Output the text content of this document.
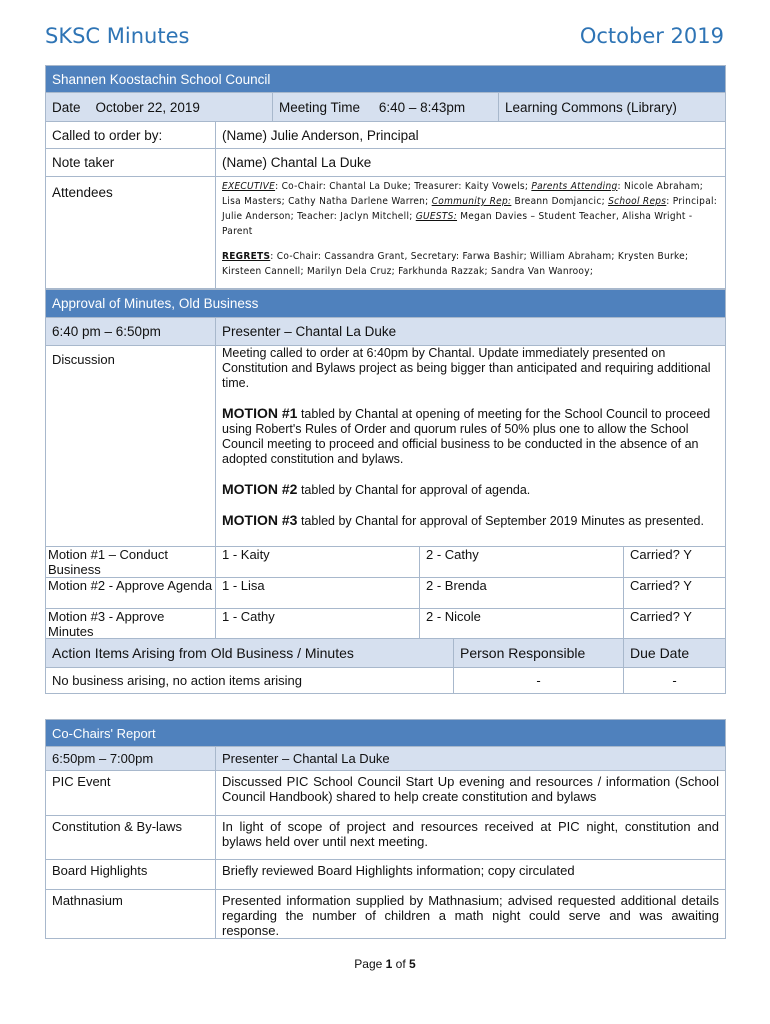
SKSC Minutes	October 2019
Shannen Koostachin School Council			
Date October 22, 2019		Meeting Time 6:40 – 8:43pm	Learning Commons (Library)
Called to order by:	(Name) Julie Anderson, Principal		
Note taker	(Name) Chantal La Duke		
Attendees	EXECUTIVE: Co-Chair: Chantal La Duke; Treasurer: Kaity Vowels; Parents Attending: Nicole Abraham; Lisa Masters; Cathy Natha Darlene Warren; Community Rep: Breann Domjancic; School Reps: Principal: Julie Anderson; Teacher: Jaclyn Mitchell; GUESTS: Megan Davies – Student Teacher, Alisha Wright - Parent

REGRETS: Co-Chair: Cassandra Grant, Secretary: Farwa Bashir; William Abraham; Krysten Burke; Kirsteen Cannell; Marilyn Dela Cruz; Farkhunda Razzak; Sandra Van Wanrooy;		

Approval of Minutes, Old Business			
6:40 pm – 6:50pm	Presenter – Chantal La Duke		
Discussion	Meeting called to order at 6:40pm by Chantal. Update immediately presented on Constitution and Bylaws project as being bigger than anticipated and requiring additional time.

MOTION #1 tabled by Chantal at opening of meeting for the School Council to proceed using Robert's Rules of Order and quorum rules of 50% plus one to allow the School Council meeting to proceed and official business to be conducted in the absence of an adopted constitution and bylaws.

MOTION #2 tabled by Chantal for approval of agenda.

MOTION #3 tabled by Chantal for approval of September 2019 Minutes as presented.		

Motion #1 – Conduct Business	1 - Kaity	2 - Cathy	Carried? Y
Motion #2 - Approve Agenda	1 - Lisa	2 - Brenda	Carried? Y
Motion #3 - Approve Minutes	1 - Cathy	2 - Nicole	Carried? Y
Action Items Arising from Old Business / Minutes	Person Responsible	Due Date
No business arising, no action items arising	-	-
Co-Chairs' Report	
6:50pm – 7:00pm	Presenter – Chantal La Duke
PIC Event	Discussed PIC School Council Start Up evening and resources / information (School Council Handbook) shared to help create constitution and bylaws
Constitution & By-laws	In light of scope of project and resources received at PIC night, constitution and bylaws held over until next meeting.
Board Highlights	Briefly reviewed Board Highlights information; copy circulated
Mathnasium	Presented information supplied by Mathnasium; advised requested additional details regarding the number of children a math night could serve and was awaiting response.
Page 1 of 5
